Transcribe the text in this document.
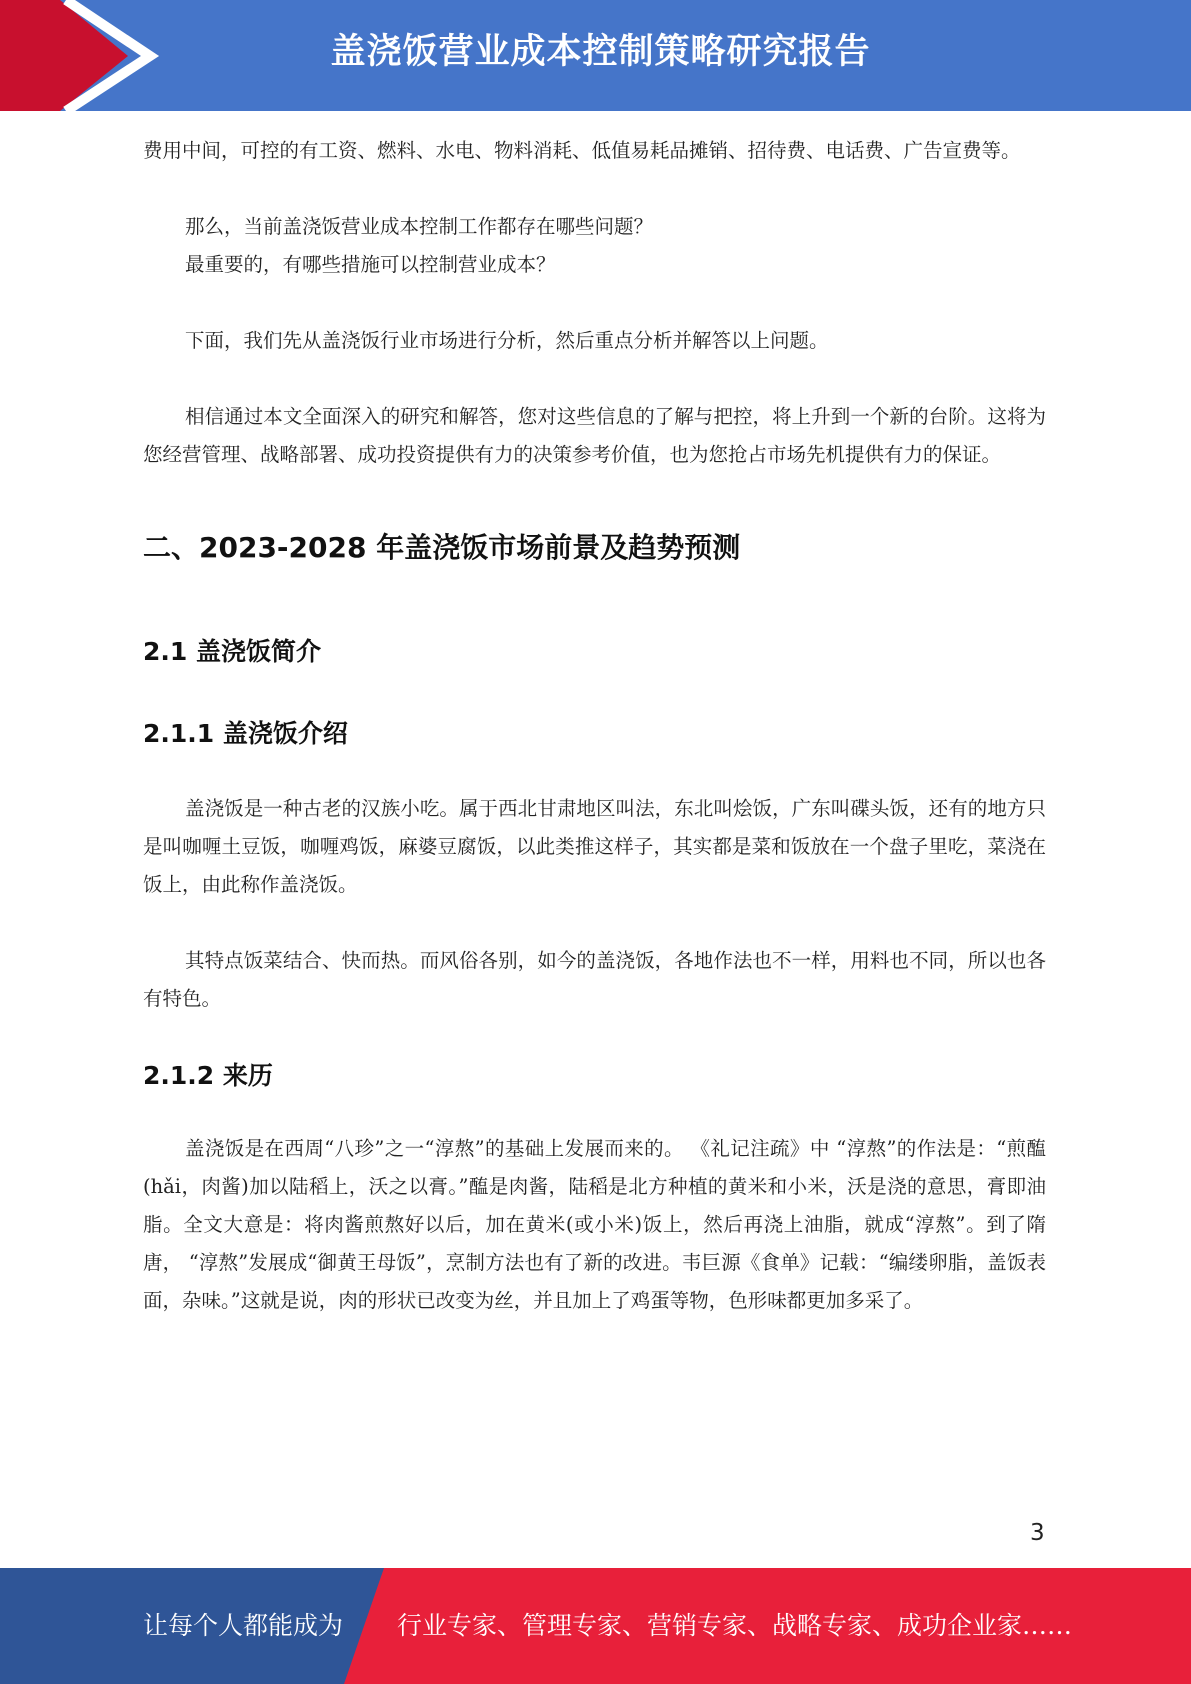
盖浇饭营业成本控制策略研究报告

费用中间，可控的有工资、燃料、水电、物料消耗、低值易耗品摊销、招待费、电话费、广告宣费等。

那么，当前盖浇饭营业成本控制工作都存在哪些问题？

最重要的，有哪些措施可以控制营业成本？

下面，我们先从盖浇饭行业市场进行分析，然后重点分析并解答以上问题。

相信通过本文全面深入的研究和解答，您对这些信息的了解与把控，将上升到一个新的台阶。这将为您经营管理、战略部署、成功投资提供有力的决策参考价值，也为您抢占市场先机提供有力的保证。

二、2023-2028 年盖浇饭市场前景及趋势预测
2.1 盖浇饭简介
2.1.1 盖浇饭介绍

盖浇饭是一种古老的汉族小吃。属于西北甘肃地区叫法，东北叫烩饭，广东叫碟头饭，还有的地方只是叫咖喱土豆饭，咖喱鸡饭，麻婆豆腐饭，以此类推这样子，其实都是菜和饭放在一个盘子里吃，菜浇在饭上，由此称作盖浇饭。

其特点饭菜结合、快而热。而风俗各别，如今的盖浇饭，各地作法也不一样，用料也不同，所以也各有特色。

2.1.2 来历

盖浇饭是在西周“八珍”之一“淳熬”的基础上发展而来的。 《礼记注疏》中 “淳熬”的作法是：“煎醢(hǎi，肉酱)加以陆稻上，沃之以膏。”醢是肉酱，陆稻是北方种植的黄米和小米，沃是浇的意思，膏即油脂。全文大意是：将肉酱煎熬好以后，加在黄米(或小米)饭上，然后再浇上油脂，就成“淳熬”。到了隋唐， “淳熬”发展成“御黄王母饭”，烹制方法也有了新的改进。韦巨源《食单》记载：“编缕卵脂，盖饭表面，杂味。”这就是说，肉的形状已改变为丝，并且加上了鸡蛋等物，色形味都更加多采了。

3
让每个人都能成为 行业专家、管理专家、营销专家、战略专家、成功企业家……
